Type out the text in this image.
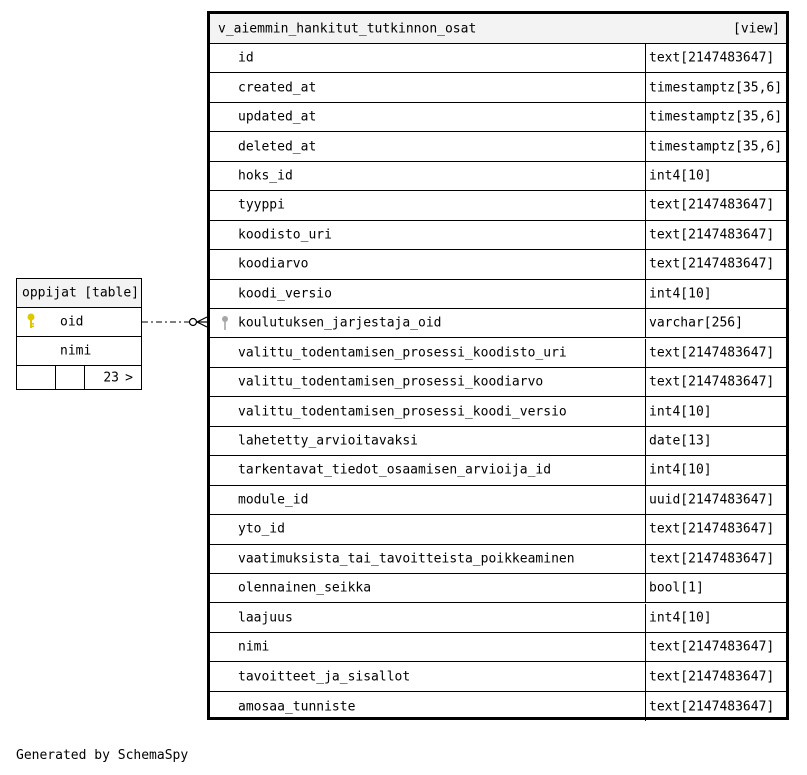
v_aiemmin_hankitut_tutkinnon_osat	[view]
id	text[2147483647]
created_at	timestamptz[35,6]
updated_at	timestamptz[35,6]
deleted_at	timestamptz[35,6]
hoks_id	int4[10]
tyyppi	text[2147483647]
koodisto_uri	text[2147483647]
koodiarvo	text[2147483647]
koodi_versio	int4[10]
koulutuksen_jarjestaja_oid	varchar[256]
valittu_todentamisen_prosessi_koodisto_uri	text[2147483647]
valittu_todentamisen_prosessi_koodiarvo	text[2147483647]
valittu_todentamisen_prosessi_koodi_versio	int4[10]
lahetetty_arvioitavaksi	date[13]
tarkentavat_tiedot_osaamisen_arvioija_id	int4[10]
module_id	uuid[2147483647]
yto_id	text[2147483647]
vaatimuksista_tai_tavoitteista_poikkeaminen	text[2147483647]
olennainen_seikka	bool[1]
laajuus	int4[10]
nimi	text[2147483647]
tavoitteet_ja_sisallot	text[2147483647]
amosaa_tunniste	text[2147483647]
oppijat [table]
oid
nimi
23 >
Generated by SchemaSpy
